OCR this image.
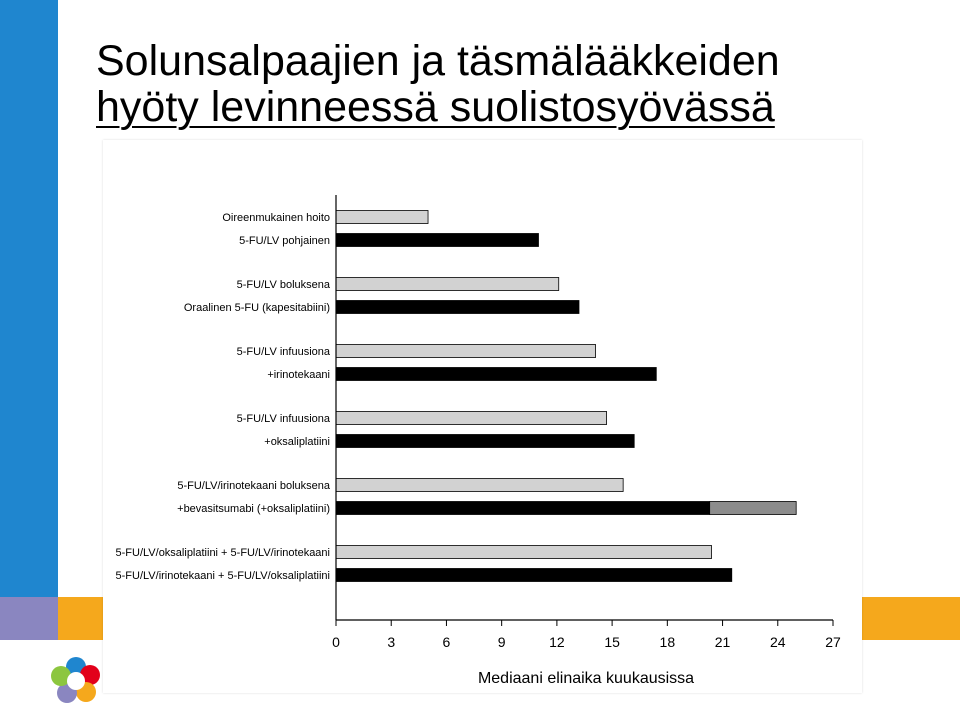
Solunsalpaajien ja täsmälääkkeiden
hyöty levinneessä suolistosyövässä
Oireenmukainen hoito
5-FU/LV pohjainen
5-FU/LV boluksena
Oraalinen 5-FU (kapesitabiini)
5-FU/LV infuusiona
+irinotekaani
5-FU/LV infuusiona
+oksaliplatiini
5-FU/LV/irinotekaani boluksena
+bevasitsumabi (+oksaliplatiini)
5-FU/LV/oksaliplatiini + 5-FU/LV/irinotekaani
5-FU/LV/irinotekaani + 5-FU/LV/oksaliplatiini
0	3	6	9	12	15	18	21	24	27
Mediaani elinaika kuukausissa
